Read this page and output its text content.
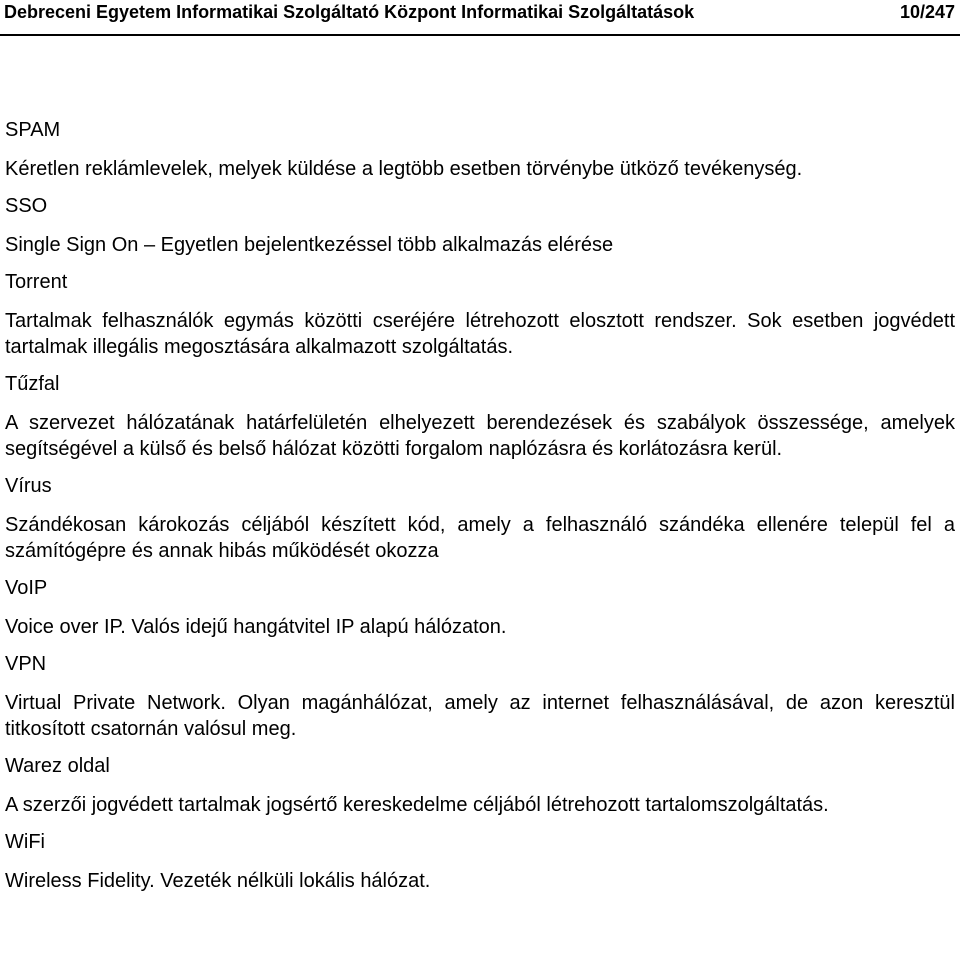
Debreceni Egyetem Informatikai Szolgáltató Központ Informatikai Szolgáltatások	10/247
SPAM
Kéretlen reklámlevelek, melyek küldése a legtöbb esetben törvénybe ütköző tevékenység.
SSO
Single Sign On – Egyetlen bejelentkezéssel több alkalmazás elérése
Torrent
Tartalmak felhasználók egymás közötti cseréjére létrehozott elosztott rendszer. Sok esetben jogvédett tartalmak illegális megosztására alkalmazott szolgáltatás.
Tűzfal
A szervezet hálózatának határfelületén elhelyezett berendezések és szabályok összessége, amelyek segítségével a külső és belső hálózat közötti forgalom naplózásra és korlátozásra kerül.
Vírus
Szándékosan károkozás céljából készített kód, amely a felhasználó szándéka ellenére települ fel a számítógépre és annak hibás működését okozza
VoIP
Voice over IP. Valós idejű hangátvitel IP alapú hálózaton.
VPN
Virtual Private Network. Olyan magánhálózat, amely az internet felhasználásával, de azon keresztül titkosított csatornán valósul meg.
Warez oldal
A szerzői jogvédett tartalmak jogsértő kereskedelme céljából létrehozott tartalomszolgáltatás.
WiFi
Wireless Fidelity. Vezeték nélküli lokális hálózat.
